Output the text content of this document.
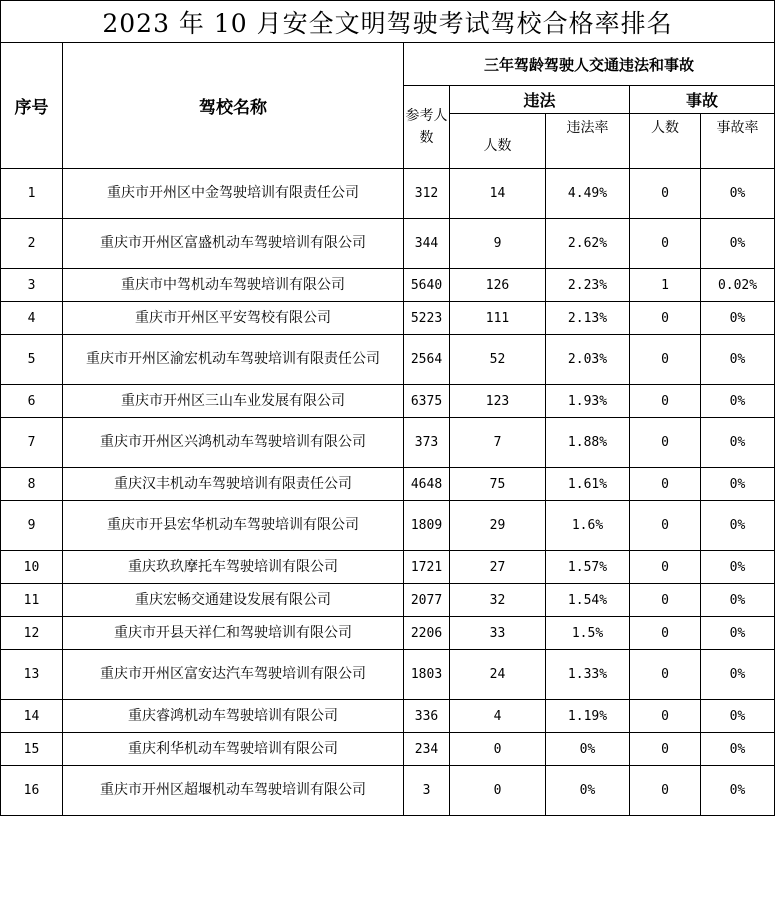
2023 年 10 月安全文明驾驶考试驾校合格率排名						
序号	驾校名称	三年驾龄驾驶人交通违法和事故				
		参考人数	违法		事故	
			人数	违法率	人数	事故率
1	重庆市开州区中金驾驶培训有限责任公司	312	14	4.49%	0	0%
2	重庆市开州区富盛机动车驾驶培训有限公司	344	9	2.62%	0	0%
3	重庆市中驾机动车驾驶培训有限公司	5640	126	2.23%	1	0.02%
4	重庆市开州区平安驾校有限公司	5223	111	2.13%	0	0%
5	重庆市开州区渝宏机动车驾驶培训有限责任公司	2564	52	2.03%	0	0%
6	重庆市开州区三山车业发展有限公司	6375	123	1.93%	0	0%
7	重庆市开州区兴鸿机动车驾驶培训有限公司	373	7	1.88%	0	0%
8	重庆汉丰机动车驾驶培训有限责任公司	4648	75	1.61%	0	0%
9	重庆市开县宏华机动车驾驶培训有限公司	1809	29	1.6%	0	0%
10	重庆玖玖摩托车驾驶培训有限公司	1721	27	1.57%	0	0%
11	重庆宏畅交通建设发展有限公司	2077	32	1.54%	0	0%
12	重庆市开县天祥仁和驾驶培训有限公司	2206	33	1.5%	0	0%
13	重庆市开州区富安达汽车驾驶培训有限公司	1803	24	1.33%	0	0%
14	重庆睿鸿机动车驾驶培训有限公司	336	4	1.19%	0	0%
15	重庆利华机动车驾驶培训有限公司	234	0	0%	0	0%
16	重庆市开州区超堰机动车驾驶培训有限公司	3	0	0%	0	0%
